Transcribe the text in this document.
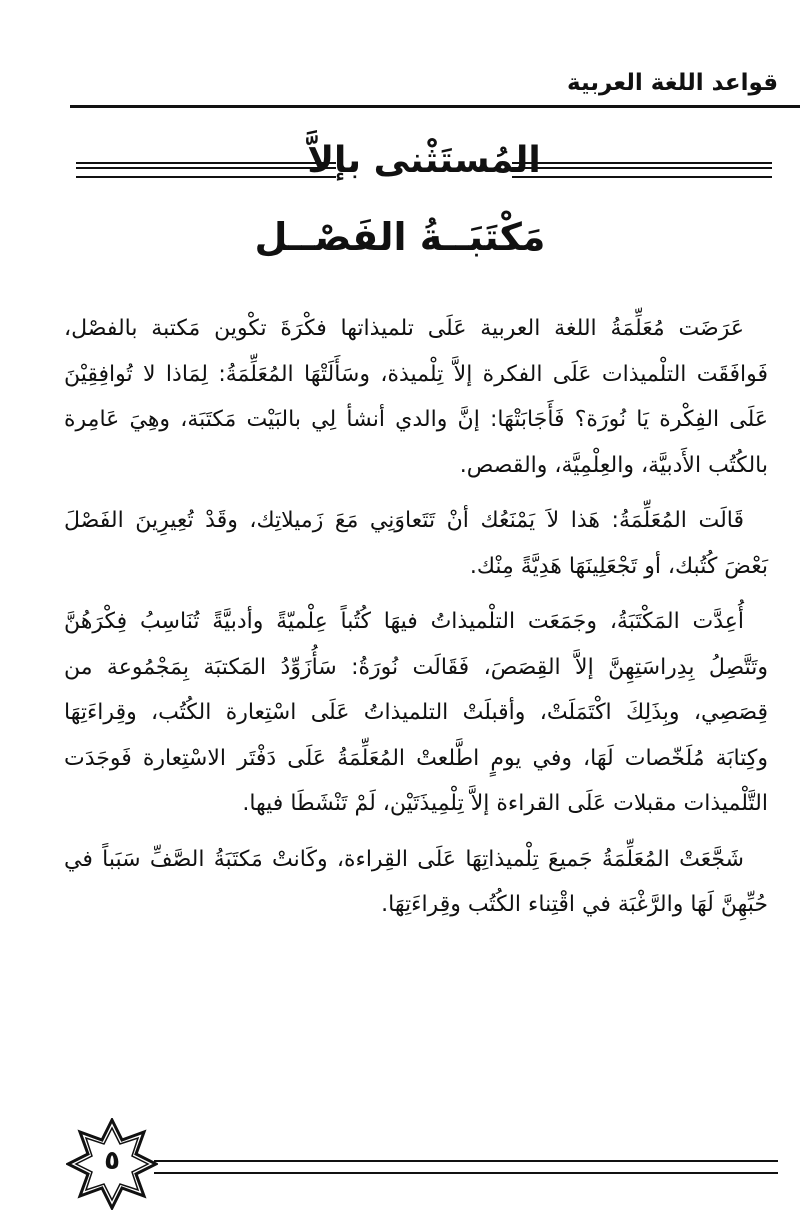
قواعد اللغة العربية
المُستَثْنى بإلاَّ
مَكْتَبَــةُ الفَصْــل

عَرَضَت مُعَلِّمَةُ اللغة العربية عَلَى تلميذاتها فكْرَةَ تكْوين مَكتبة بالفصْل، فَوافَقَت التلْميذات عَلَى الفكرة إلاَّ تِلْميذة، وسَأَلَتْهَا المُعَلِّمَةُ: لِمَاذا لا تُوافِقِيْنَ عَلَى الفِكْرة يَا نُورَة؟ فَأَجَابَتْهَا: إنَّ والدي أنشأ لِي بالبَيْت مَكتَبَة، وهِيَ عَامِرة بالكُتُب الأَدبيَّة، والعِلْمِيَّة، والقصص.

قَالَت المُعَلِّمَةُ: هَذا لاَ يَمْنَعُك أنْ تَتَعاوَنِي مَعَ زَميلاتِك، وقَدْ تُعِيرِينَ الفَصْلَ بَعْضَ كُتُبك، أو تَجْعَلِينَهَا هَدِيَّةً مِنْك.

أُعِدَّت المَكْتَبَةُ، وجَمَعَت التلْميذاتُ فيهَا كُتُباً عِلْميّةً وأدبيَّةً تُنَاسِبُ فِكْرَهُنَّ وتَتَّصِلُ بِدِراسَتِهِنَّ إلاَّ القِصَصَ، فَقَالَت نُورَةُ: سَأُزَوِّدُ المَكتبَة بِمَجْمُوعة من قِصَصِي، وبِذَلِكَ اكْتَمَلَتْ، وأقبلَتْ التلميذاتُ عَلَى اسْتِعارة الكُتُب، وقِراءَتِهَا وكِتابَة مُلَخّصات لَهَا، وفي يومٍ اطَّلعتْ المُعَلِّمَةُ عَلَى دَفْتَر الاسْتِعارة فَوجَدَت التَّلْميذات مقبلات عَلَى القراءة إلاَّ تِلْمِيذَتَيْن، لَمْ تَنْشَطَا فيها.

شَجَّعَتْ المُعَلِّمَةُ جَميعَ تِلْميذاتِهَا عَلَى القِراءة، وكَانتْ مَكتَبَةُ الصَّفِّ سَبَباً في حُبِّهِنَّ لَهَا والرَّغْبَة في اقْتِناء الكُتُب وقِراءَتِهَا.

٥
